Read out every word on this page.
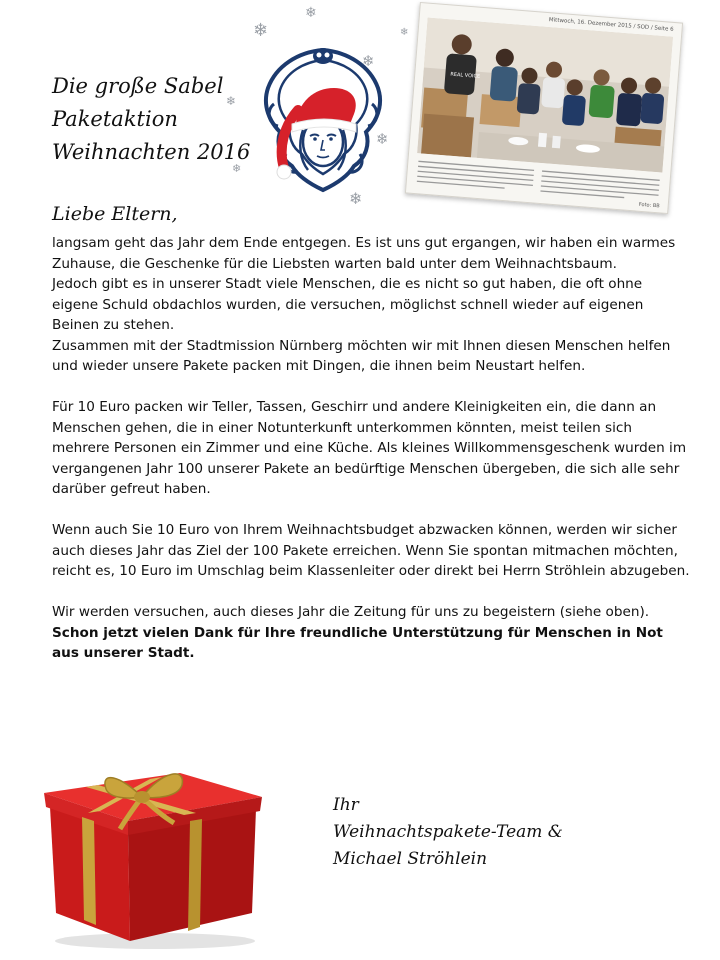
Die große Sabel
Paketaktion
Weihnachten 2016
❄
❄
❄
❄
❄
❄
❄
❄
Mittwoch, 16. Dezember 2015 / SOD / Seite 6
REAL VOICE
Foto: BB
Liebe Eltern,

langsam geht das Jahr dem Ende entgegen. Es ist uns gut ergangen, wir haben ein warmes Zuhause, die Geschenke für die Liebsten warten bald unter dem Weihnachtsbaum.

Jedoch gibt es in unserer Stadt viele Menschen, die es nicht so gut haben, die oft ohne eigene Schuld obdachlos wurden, die versuchen, möglichst schnell wieder auf eigenen Beinen zu stehen.

Zusammen mit der Stadtmission Nürnberg möchten wir mit Ihnen diesen Menschen helfen und wieder unsere Pakete packen mit Dingen, die ihnen beim Neustart helfen.

Für 10 Euro packen wir Teller, Tassen, Geschirr und andere Kleinigkeiten ein, die dann an Menschen gehen, die in einer Notunterkunft unterkommen könnten, meist teilen sich mehrere Personen ein Zimmer und eine Küche. Als kleines Willkommensgeschenk wurden im vergangenen Jahr 100 unserer Pakete an bedürftige Menschen übergeben, die sich alle sehr darüber gefreut haben.

Wenn auch Sie 10 Euro von Ihrem Weihnachtsbudget abzwacken können, werden wir sicher auch dieses Jahr das Ziel der 100 Pakete erreichen. Wenn Sie spontan mitmachen möchten, reicht es, 10 Euro im Umschlag beim Klassenleiter oder direkt bei Herrn Ströhlein abzugeben.

Wir werden versuchen, auch dieses Jahr die Zeitung für uns zu begeistern (siehe oben). Schon jetzt vielen Dank für Ihre freundliche Unterstützung für Menschen in Not aus unserer Stadt.

Ihr
Weihnachtspakete-Team &
Michael Ströhlein
